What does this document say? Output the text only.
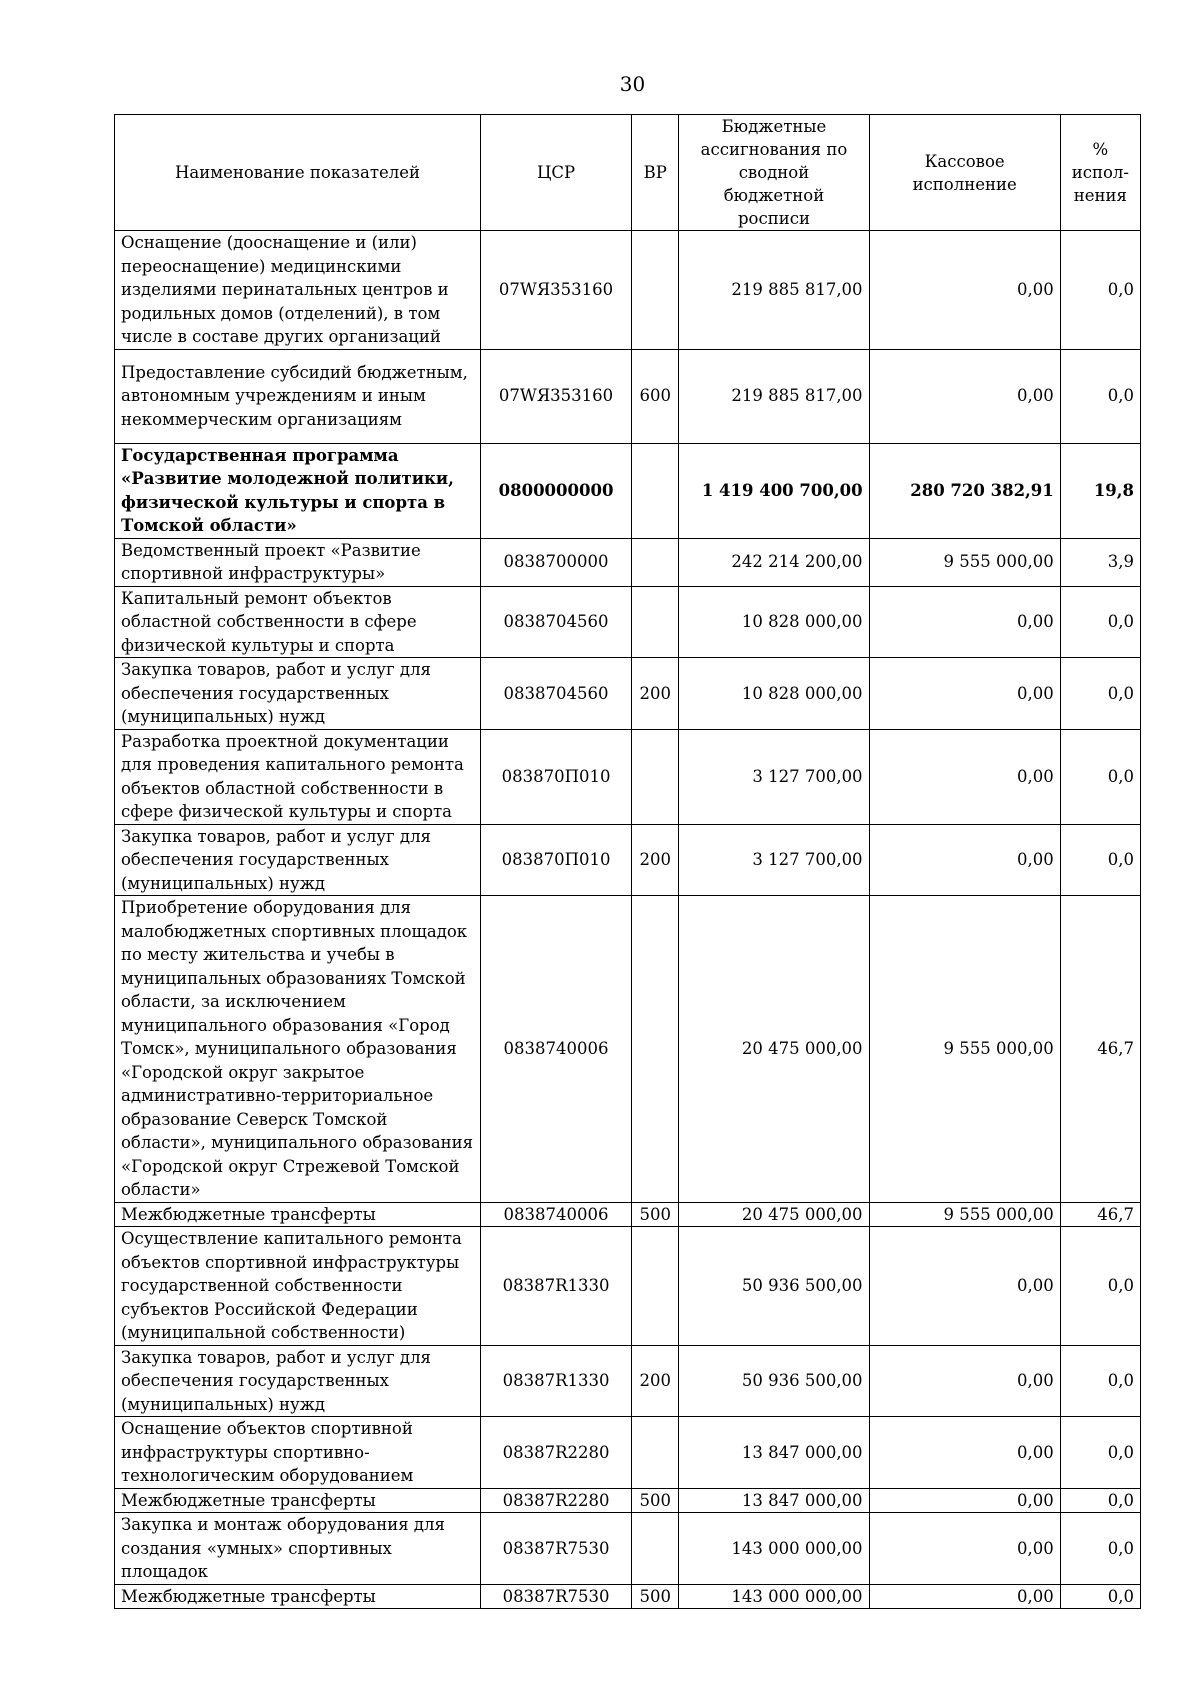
30
Наименование показателей	ЦСР	ВР	Бюджетные ассигнования по сводной бюджетной росписи	Кассовое исполнение	% испол-нения
Оснащение (дооснащение и (или) переоснащение) медицинскими изделиями перинатальных центров и родильных домов (отделений), в том числе в составе других организаций	07WЯ353160		219 885 817,00	0,00	0,0
Предоставление субсидий бюджетным, автономным учреждениям и иным некоммерческим организациям	07WЯ353160	600	219 885 817,00	0,00	0,0
Государственная программа «Развитие молодежной политики, физической культуры и спорта в Томской области»	0800000000		1 419 400 700,00	280 720 382,91	19,8
Ведомственный проект «Развитие спортивной инфраструктуры»	0838700000		242 214 200,00	9 555 000,00	3,9
Капитальный ремонт объектов областной собственности в сфере физической культуры и спорта	0838704560		10 828 000,00	0,00	0,0
Закупка товаров, работ и услуг для обеспечения государственных (муниципальных) нужд	0838704560	200	10 828 000,00	0,00	0,0
Разработка проектной документации для проведения капитального ремонта объектов областной собственности в сфере физической культуры и спорта	083870П010		3 127 700,00	0,00	0,0
Закупка товаров, работ и услуг для обеспечения государственных (муниципальных) нужд	083870П010	200	3 127 700,00	0,00	0,0
Приобретение оборудования для малобюджетных спортивных площадок по месту жительства и учебы в муниципальных образованиях Томской области, за исключением муниципального образования «Город Томск», муниципального образования «Городской округ закрытое административно-территориальное образование Северск Томской области», муниципального образования «Городской округ Стрежевой Томской области»	0838740006		20 475 000,00	9 555 000,00	46,7
Межбюджетные трансферты	0838740006	500	20 475 000,00	9 555 000,00	46,7
Осуществление капитального ремонта объектов спортивной инфраструктуры государственной собственности субъектов Российской Федерации (муниципальной собственности)	08387R1330		50 936 500,00	0,00	0,0
Закупка товаров, работ и услуг для обеспечения государственных (муниципальных) нужд	08387R1330	200	50 936 500,00	0,00	0,0
Оснащение объектов спортивной инфраструктуры спортивно-технологическим оборудованием	08387R2280		13 847 000,00	0,00	0,0
Межбюджетные трансферты	08387R2280	500	13 847 000,00	0,00	0,0
Закупка и монтаж оборудования для создания «умных» спортивных площадок	08387R7530		143 000 000,00	0,00	0,0
Межбюджетные трансферты	08387R7530	500	143 000 000,00	0,00	0,0
